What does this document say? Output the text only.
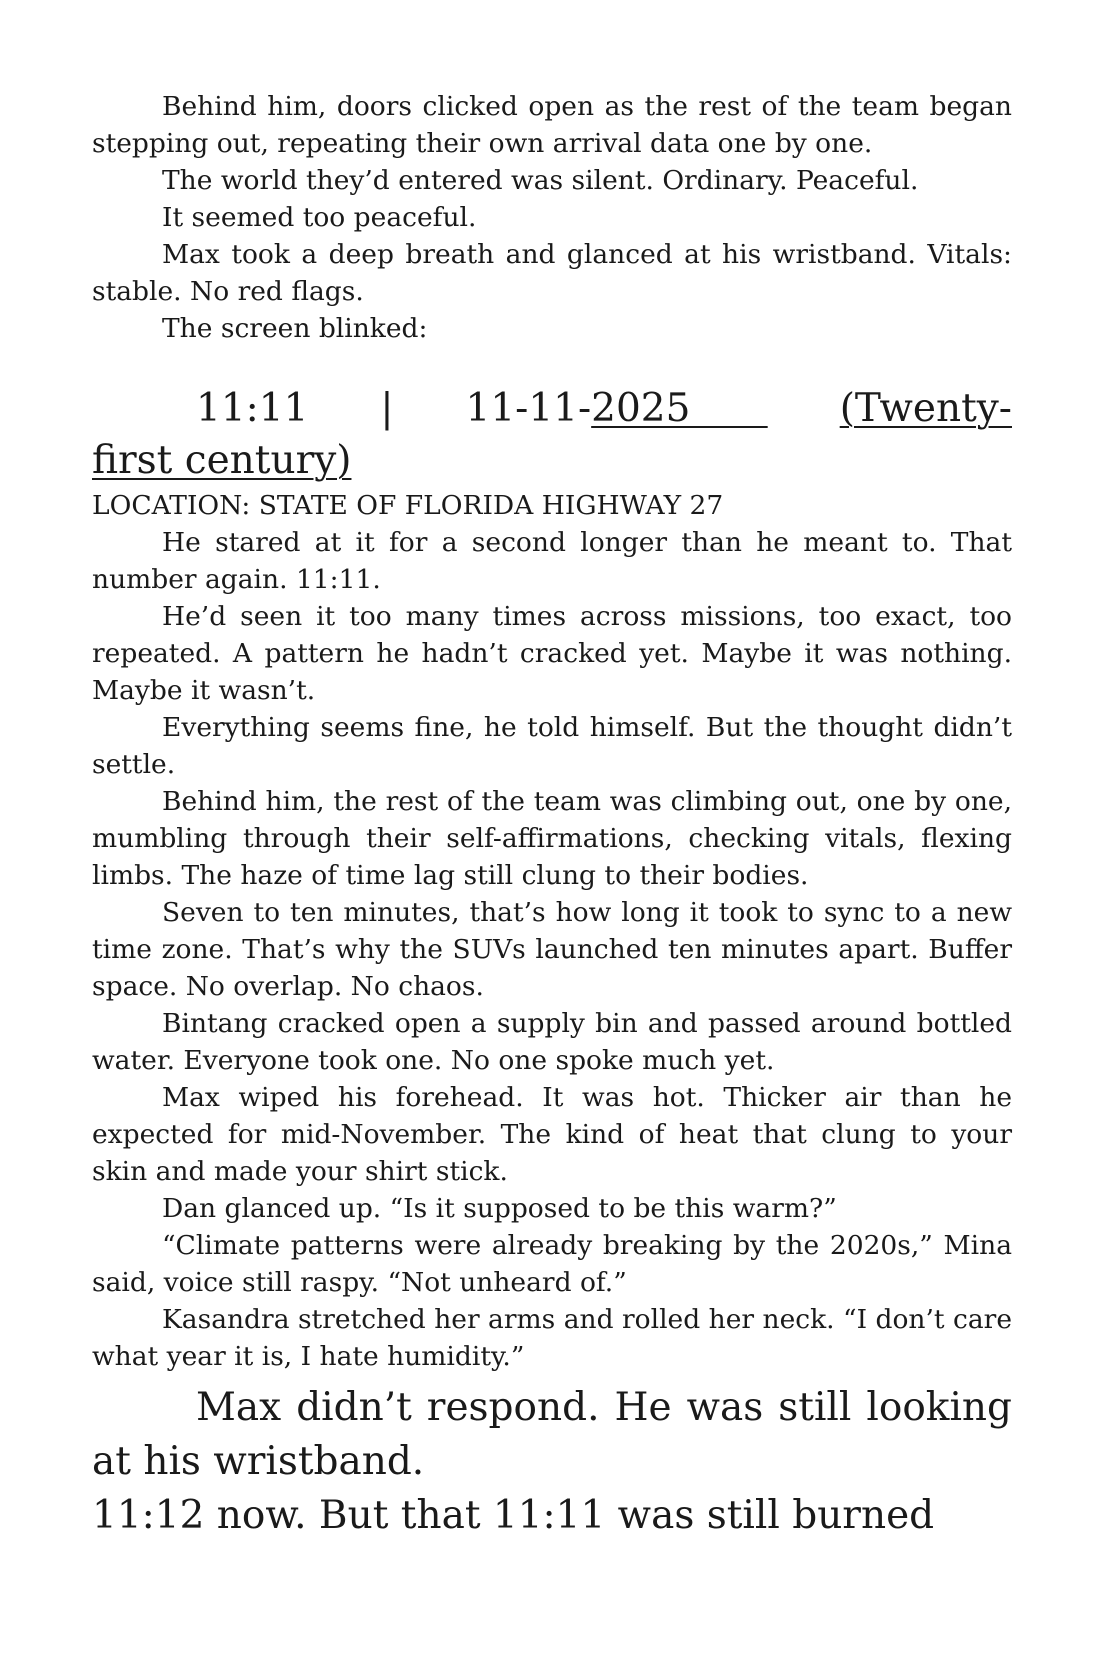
Behind him, doors clicked open as the rest of the team began stepping out, repeating their own arrival data one by one.

The world they’d entered was silent. Ordinary. Peaceful.

It seemed too peaceful.

Max took a deep breath and glanced at his wristband. Vitals: stable. No red flags.

The screen blinked:

11:11 | 11-11-2025 (Twenty-first century)

LOCATION: STATE OF FLORIDA HIGHWAY 27

He stared at it for a second longer than he meant to. That number again. 11:11.

He’d seen it too many times across missions, too exact, too repeated. A pattern he hadn’t cracked yet. Maybe it was nothing. Maybe it wasn’t.

Everything seems fine, he told himself. But the thought didn’t settle.

Behind him, the rest of the team was climbing out, one by one, mumbling through their self-affirmations, checking vitals, flexing limbs. The haze of time lag still clung to their bodies.

Seven to ten minutes, that’s how long it took to sync to a new time zone. That’s why the SUVs launched ten minutes apart. Buffer space. No overlap. No chaos.

Bintang cracked open a supply bin and passed around bottled water. Everyone took one. No one spoke much yet.

Max wiped his forehead. It was hot. Thicker air than he expected for mid-November. The kind of heat that clung to your skin and made your shirt stick.

Dan glanced up. “Is it supposed to be this warm?”

“Climate patterns were already breaking by the 2020s,” Mina said, voice still raspy. “Not unheard of.”

Kasandra stretched her arms and rolled her neck. “I don’t care what year it is, I hate humidity.”

Max didn’t respond. He was still looking at his wristband.

11:12 now. But that 11:11 was still burned
